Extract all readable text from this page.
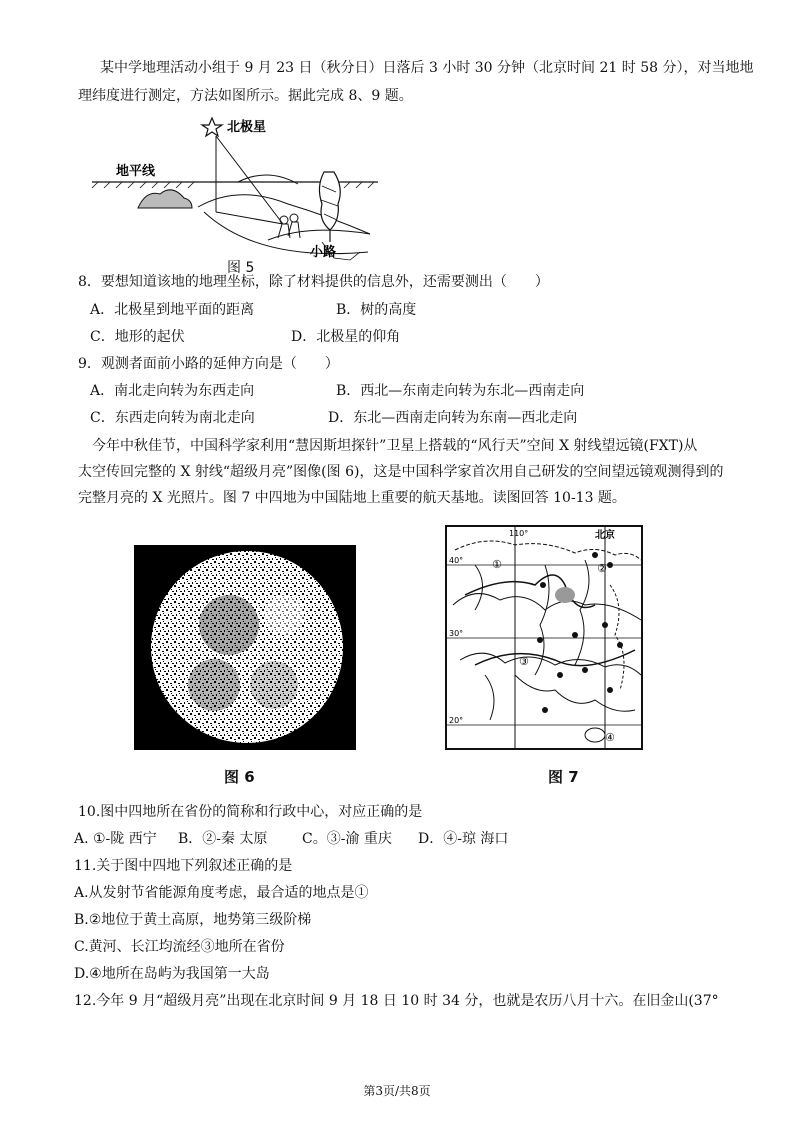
某中学地理活动小组于 9 月 23 日（秋分日）日落后 3 小时 30 分钟（北京时间 21 时 58 分），对当地地
理纬度进行测定，方法如图所示。据此完成 8、9 题。
北极星
地平线
小路
图 5
8．要想知道该地的地理坐标，除了材料提供的信息外，还需要测出（　　）
A．北极星到地平面的距离	B．树的高度
C．地形的起伏	D．北极星的仰角
9．观测者面前小路的延伸方向是（　　）
A．南北走向转为东西走向	B．西北—东南走向转为东北—西南走向
C．东西走向转为南北走向	D．东北—西南走向转为东南—西北走向
今年中秋佳节，中国科学家利用“慧因斯坦探针”卫星上搭载的“风行天”空间 X 射线望远镜(FXT)从
太空传回完整的 X 射线“超级月亮”图像(图 6)，这是中国科学家首次用自己研发的空间望远镜观测得到的
完整月亮的 X 光照片。图 7 中四地为中国陆地上重要的航天基地。读图回答 10-13 题。
图 6
110°
40°
30°
20°
北京
①	②
③
④
图 7
10.图中四地所在省份的简称和行政中心，对应正确的是
A. ①-陇 西宁 B．②-秦 太原 C。③-渝 重庆 D．④-琼 海口
11.关于图中四地下列叙述正确的是
A.从发射节省能源角度考虑，最合适的地点是①
B.②地位于黄土高原，地势第三级阶梯
C.黄河、长江均流经③地所在省份
D.④地所在岛屿为我国第一大岛
12.今年 9 月“超级月亮”出现在北京时间 9 月 18 日 10 时 34 分，也就是农历八月十六。在旧金山(37°
第3页/共8页
